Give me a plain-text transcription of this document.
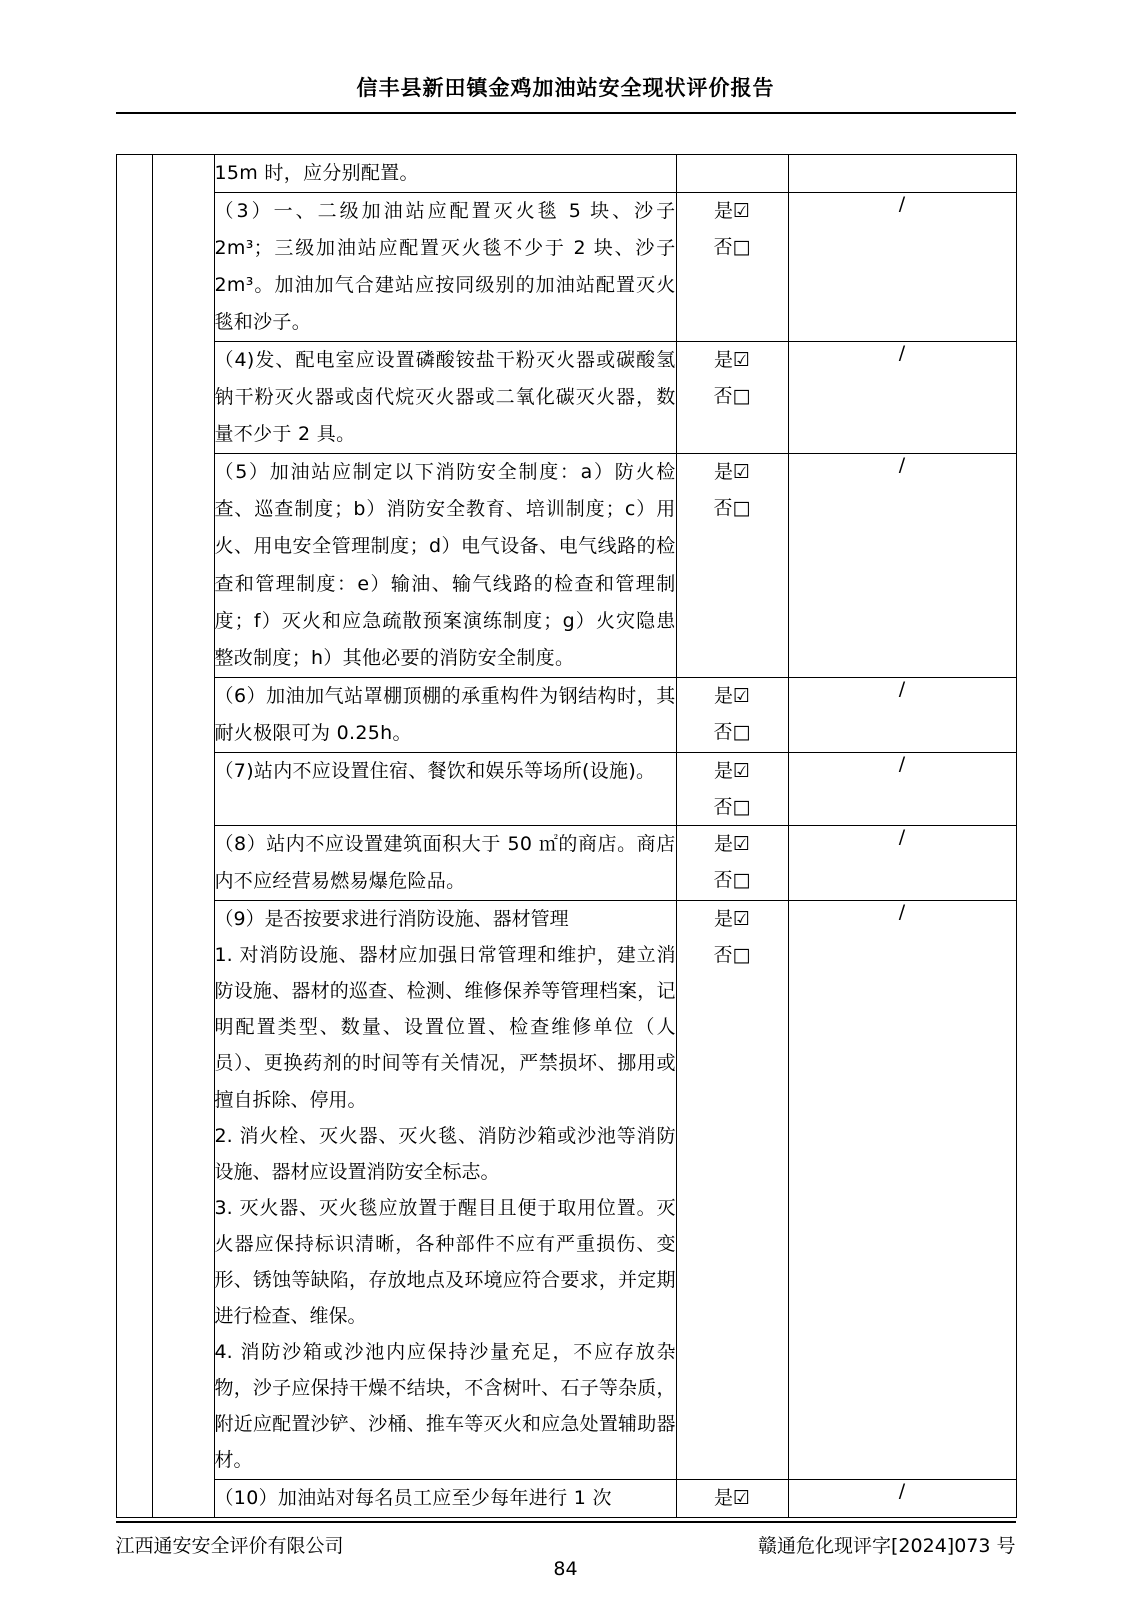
信丰县新田镇金鸡加油站安全现状评价报告
		15m 时，应分别配置。		
		（3）一、二级加油站应配置灭火毯 5 块、沙子 2m³；三级加油站应配置灭火毯不少于 2 块、沙子 2m³。加油加气合建站应按同级别的加油站配置灭火毯和沙子。	是☑
否□	/
		（4)发、配电室应设置磷酸铵盐干粉灭火器或碳酸氢钠干粉灭火器或卤代烷灭火器或二氧化碳灭火器，数量不少于 2 具。	是☑
否□	/
		（5）加油站应制定以下消防安全制度：a）防火检查、巡查制度；b）消防安全教育、培训制度；c）用火、用电安全管理制度；d）电气设备、电气线路的检查和管理制度：e）输油、输气线路的检查和管理制度；f）灭火和应急疏散预案演练制度；g）火灾隐患整改制度；h）其他必要的消防安全制度。	是☑
否□	/
		（6）加油加气站罩棚顶棚的承重构件为钢结构时，其耐火极限可为 0.25h。	是☑
否□	/
		（7)站内不应设置住宿、餐饮和娱乐等场所(设施)。	是☑
否□	/
		（8）站内不应设置建筑面积大于 50 ㎡的商店。商店内不应经营易燃易爆危险品。	是☑
否□	/

		（9）是否按要求进行消防设施、器材管理
1. 对消防设施、器材应加强日常管理和维护，建立消防设施、器材的巡查、检测、维修保养等管理档案，记明配置类型、数量、设置位置、检查维修单位（人员）、更换药剂的时间等有关情况，严禁损坏、挪用或擅自拆除、停用。
2. 消火栓、灭火器、灭火毯、消防沙箱或沙池等消防设施、器材应设置消防安全标志。
3. 灭火器、灭火毯应放置于醒目且便于取用位置。灭火器应保持标识清晰，各种部件不应有严重损伤、变形、锈蚀等缺陷，存放地点及环境应符合要求，并定期进行检查、维保。
4. 消防沙箱或沙池内应保持沙量充足，不应存放杂物，沙子应保持干燥不结块，不含树叶、石子等杂质，附近应配置沙铲、沙桶、推车等灭火和应急处置辅助器材。	是☑
否□	/
		（10）加油站对每名员工应至少每年进行 1 次	是☑	/
江西通安安全评价有限公司	赣通危化现评字[2024]073 号
84
